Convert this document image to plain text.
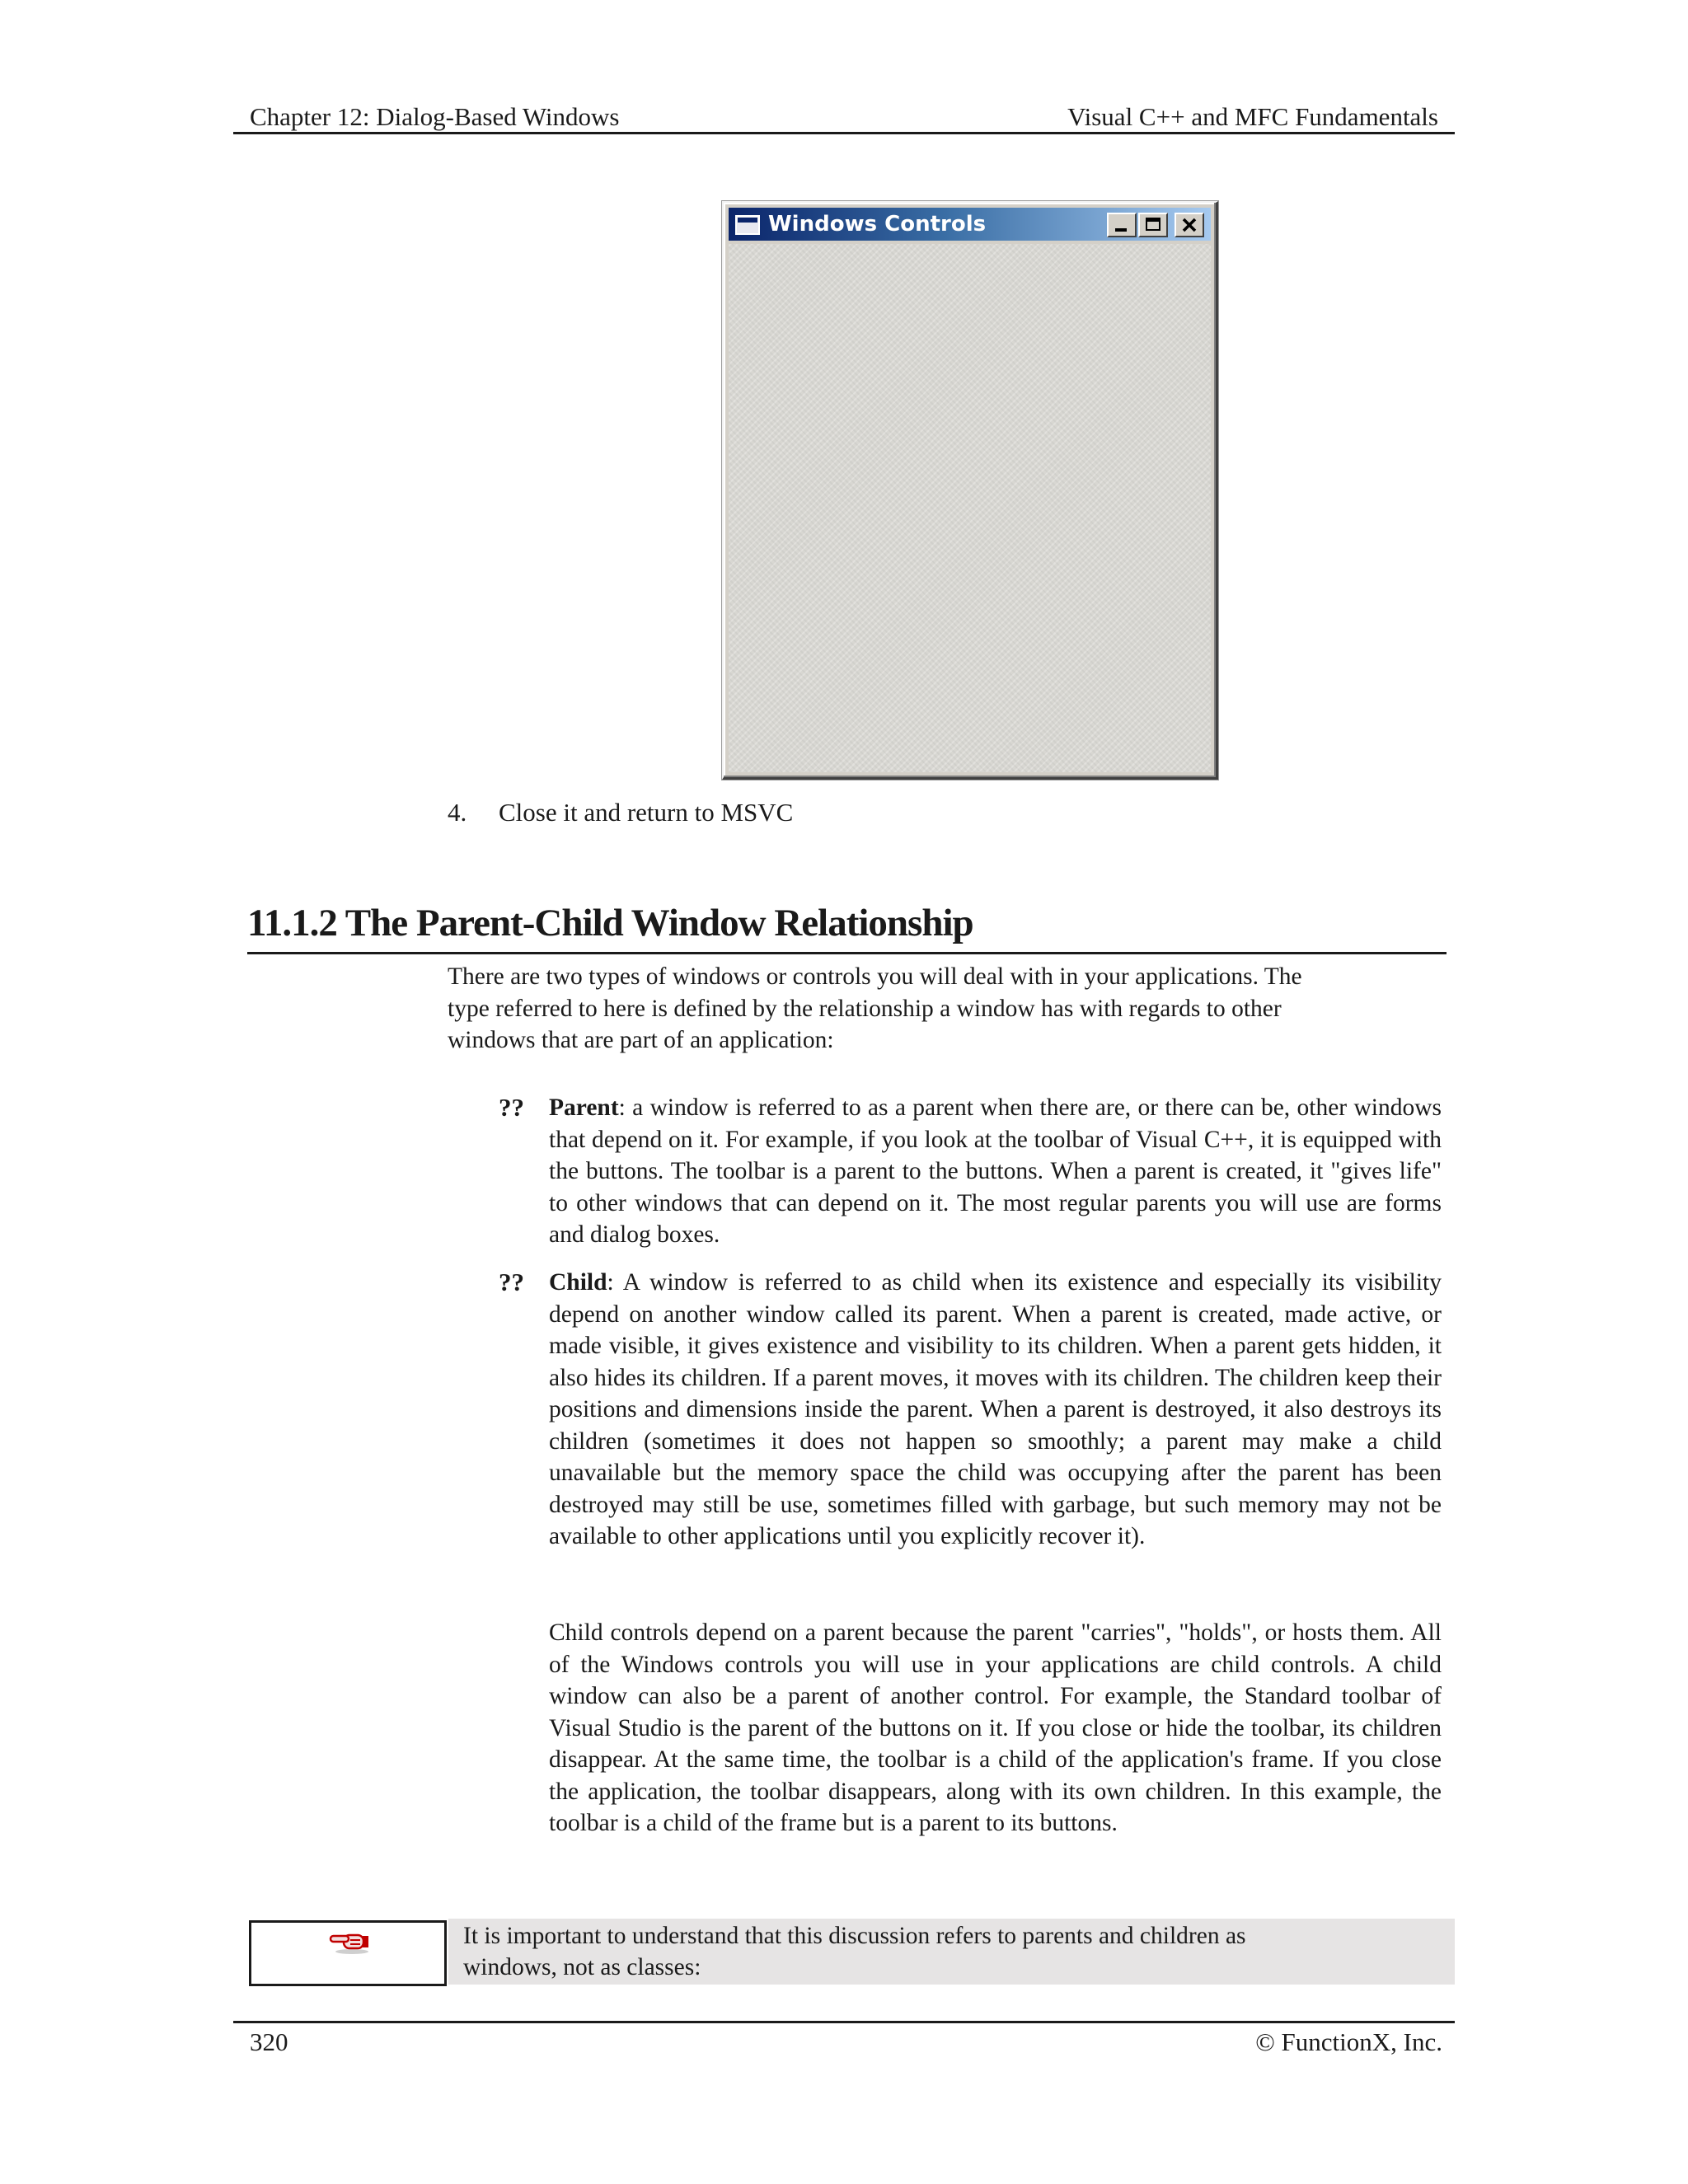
Chapter 12: Dialog-Based Windows	Visual C++ and MFC Fundamentals
Windows Controls
4. Close it and return to MSVC
11.1.2 The Parent-Child Window Relationship
There are two types of windows or controls you will deal with in your applications. The
type referred to here is defined by the relationship a window has with regards to other
windows that are part of an application:
?? Parent: a window is referred to as a parent when there are, or there can be, other windows that depend on it. For example, if you look at the toolbar of Visual C++, it is equipped with the buttons. The toolbar is a parent to the buttons. When a parent is created, it "gives life" to other windows that can depend on it. The most regular parents you will use are forms and dialog boxes.
?? Child: A window is referred to as child when its existence and especially its visibility depend on another window called its parent. When a parent is created, made active, or made visible, it gives existence and visibility to its children. When a parent gets hidden, it also hides its children. If a parent moves, it moves with its children. The children keep their positions and dimensions inside the parent. When a parent is destroyed, it also destroys its children (sometimes it does not happen so smoothly; a parent may make a child unavailable but the memory space the child was occupying after the parent has been destroyed may still be use, sometimes filled with garbage, but such memory may not be available to other applications until you explicitly recover it).
Child controls depend on a parent because the parent "carries", "holds", or hosts them. All of the Windows controls you will use in your applications are child controls. A child window can also be a parent of another control. For example, the Standard toolbar of Visual Studio is the parent of the buttons on it. If you close or hide the toolbar, its children disappear. At the same time, the toolbar is a child of the application's frame. If you close the application, the toolbar disappears, along with its own children. In this example, the toolbar is a child of the frame but is a parent to its buttons.
It is important to understand that this discussion refers to parents and children as
windows, not as classes:
320	© FunctionX, Inc.
